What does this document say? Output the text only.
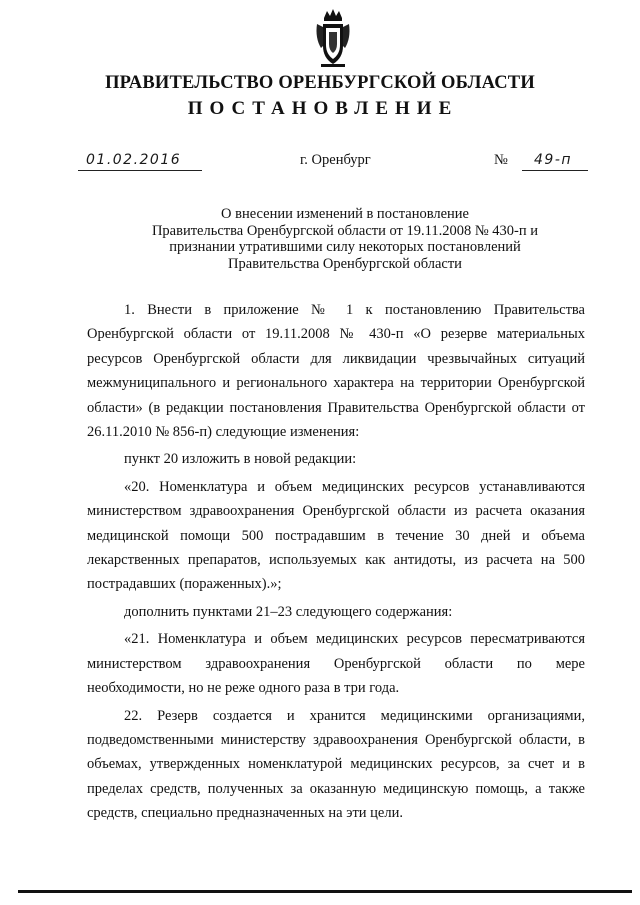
ПРАВИТЕЛЬСТВО ОРЕНБУРГСКОЙ ОБЛАСТИ
ПОСТАНОВЛЕНИЕ
01.02.2016	г. Оренбург	№ 49-п
О внесении изменений в постановление
Правительства Оренбургской области от 19.11.2008 № 430-п и
признании утратившими силу некоторых постановлений
Правительства Оренбургской области

1. Внести в приложение № 1 к постановлению Правительства Оренбургской области от 19.11.2008 № 430-п «О резерве материальных ресурсов Оренбургской области для ликвидации чрезвычайных ситуаций межмуниципального и регионального характера на территории Оренбургской области» (в редакции постановления Правительства Оренбургской области от 26.11.2010 № 856-п) следующие изменения:

пункт 20 изложить в новой редакции:

«20. Номенклатура и объем медицинских ресурсов устанавливаются министерством здравоохранения Оренбургской области из расчета оказания медицинской помощи 500 пострадавшим в течение 30 дней и объема лекарственных препаратов, используемых как антидоты, из расчета на 500 пострадавших (пораженных).»;

дополнить пунктами 21–23 следующего содержания:

«21. Номенклатура и объем медицинских ресурсов пересматриваются министерством здравоохранения Оренбургской области по мере необходимости, но не реже одного раза в три года.

22. Резерв создается и хранится медицинскими организациями, подведомственными министерству здравоохранения Оренбургской области, в объемах, утвержденных номенклатурой медицинских ресурсов, за счет и в пределах средств, полученных за оказанную медицинскую помощь, а также средств, специально предназначенных на эти цели.
